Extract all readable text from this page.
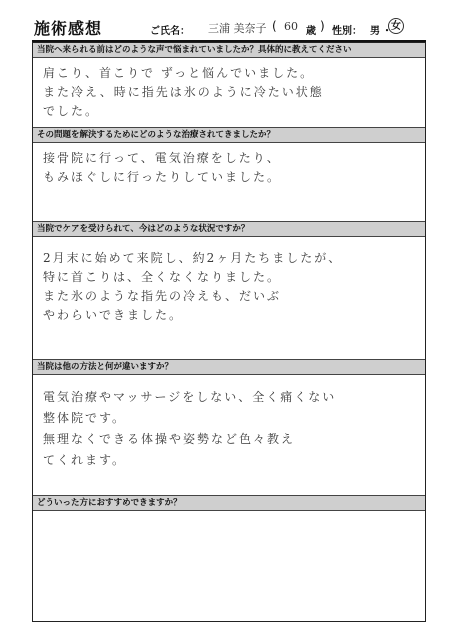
施術感想	ご氏名： 三浦 美奈子 ( 60 歳 ) 性別： 男 ・ 女
当院へ来られる前はどのような声で悩まれていましたか？具体的に教えてください
肩こり、首こりで ずっと悩んでいました。
また冷え、時に指先は氷のように冷たい状態
でした。
その問題を解決するためにどのような治療されてきましたか？
接骨院に行って、電気治療をしたり、
もみほぐしに行ったりしていました。
当院でケアを受けられて、今はどのような状況ですか？
2月末に始めて来院し、約2ヶ月たちましたが、
特に首こりは、全くなくなりました。
また氷のような指先の冷えも、だいぶ
やわらいできました。
当院は他の方法と何が違いますか？
電気治療やマッサージをしない、全く痛くない
整体院です。
無理なくできる体操や姿勢など色々教え
てくれます。
どういった方におすすめできますか？
